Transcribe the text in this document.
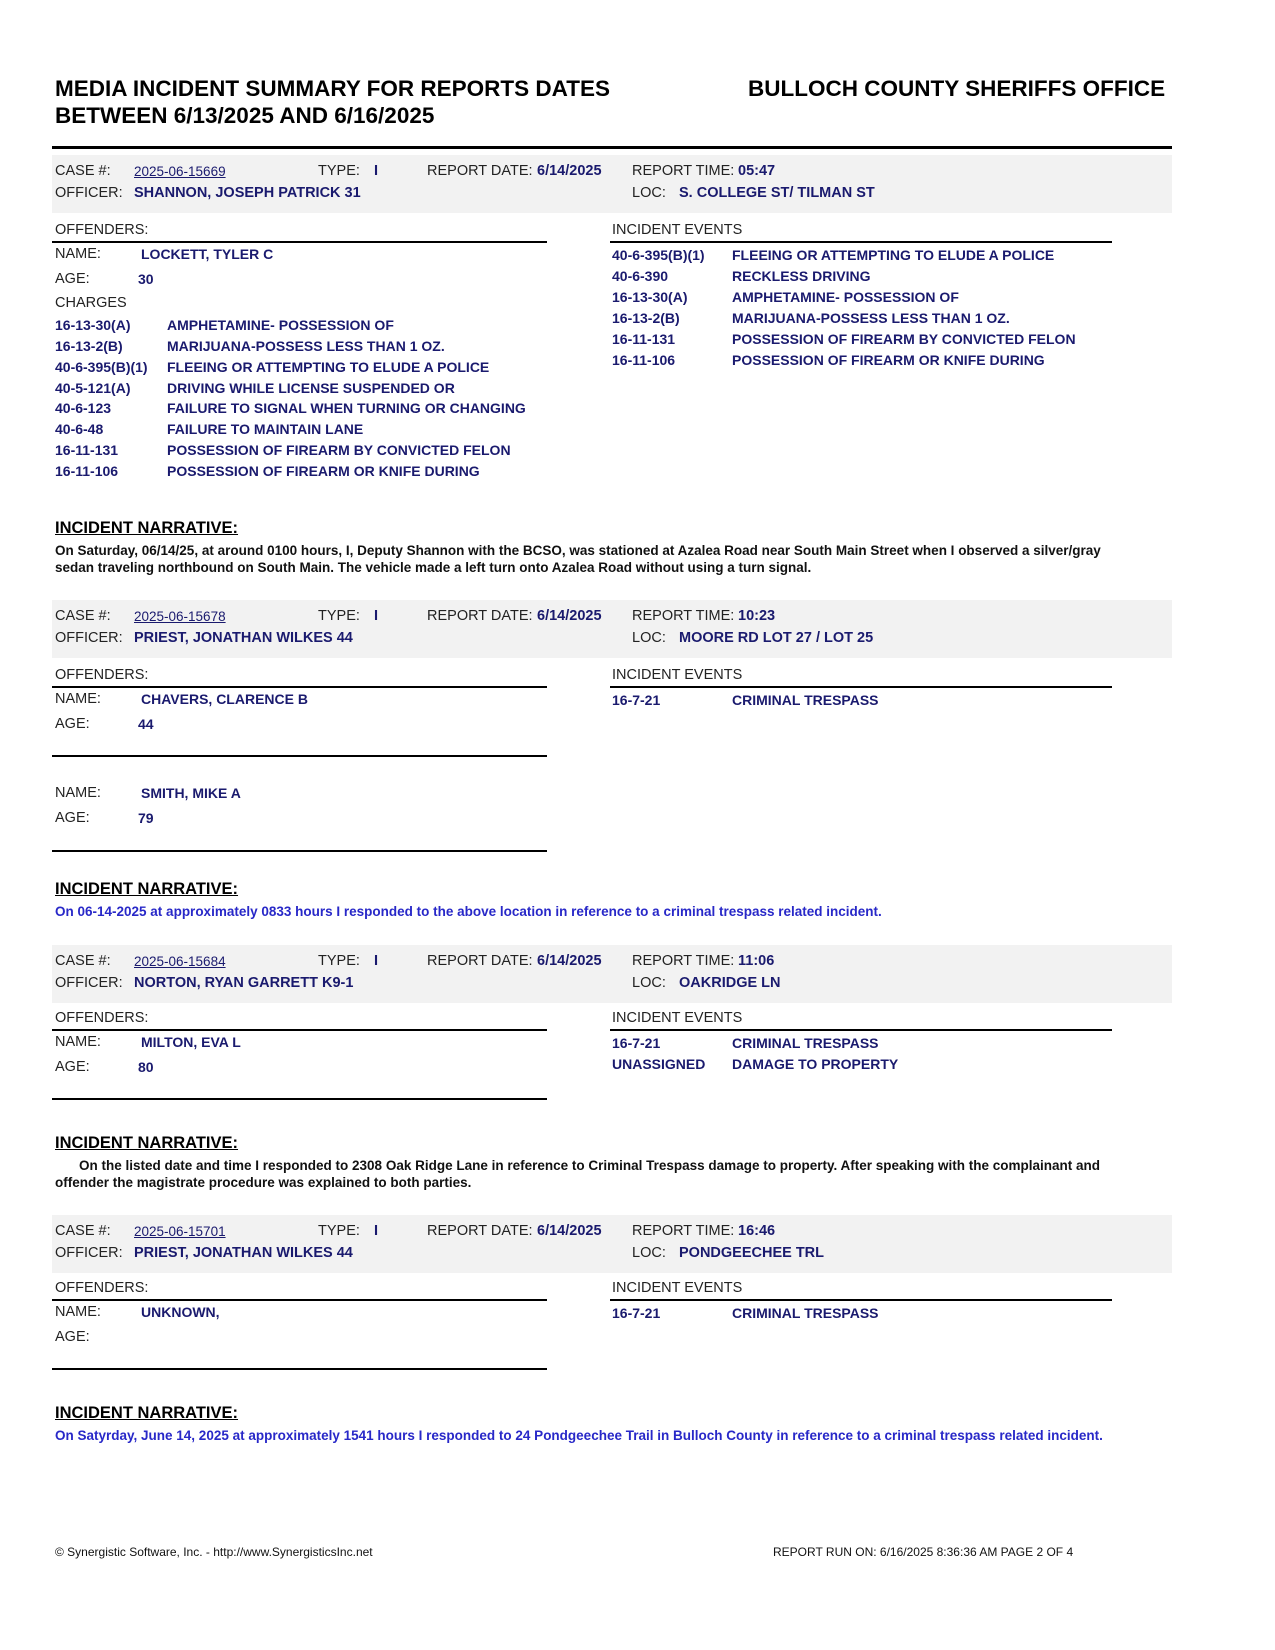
MEDIA INCIDENT SUMMARY FOR REPORTS DATES
BETWEEN 6/13/2025 AND 6/16/2025
BULLOCH COUNTY SHERIFFS OFFICE
CASE #: 2025-06-15669	TYPE: I	REPORT DATE: 6/14/2025 REPORT TIME: 05:47
OFFICER: SHANNON, JOSEPH PATRICK 31	LOC: S. COLLEGE ST/ TILMAN ST
OFFENDERS:	INCIDENT EVENTS
NAME:	LOCKETT, TYLER C
AGE:	30
CHARGES
16-13-30(A)	AMPHETAMINE- POSSESSION OF
16-13-2(B)	MARIJUANA-POSSESS LESS THAN 1 OZ.
40-6-395(B)(1) FLEEING OR ATTEMPTING TO ELUDE A POLICE
40-5-121(A)	DRIVING WHILE LICENSE SUSPENDED OR
40-6-123	FAILURE TO SIGNAL WHEN TURNING OR CHANGING
40-6-48	FAILURE TO MAINTAIN LANE
16-11-131	POSSESSION OF FIREARM BY CONVICTED FELON
16-11-106	POSSESSION OF FIREARM OR KNIFE DURING
40-6-395(B)(1) FLEEING OR ATTEMPTING TO ELUDE A POLICE
40-6-390	RECKLESS DRIVING
16-13-30(A)	AMPHETAMINE- POSSESSION OF
16-13-2(B)	MARIJUANA-POSSESS LESS THAN 1 OZ.
16-11-131	POSSESSION OF FIREARM BY CONVICTED FELON
16-11-106	POSSESSION OF FIREARM OR KNIFE DURING
INCIDENT NARRATIVE:
On Saturday, 06/14/25, at around 0100 hours, I, Deputy Shannon with the BCSO, was stationed at Azalea Road near South Main Street when I observed a silver/gray sedan traveling northbound on South Main. The vehicle made a left turn onto Azalea Road without using a turn signal.
CASE #: 2025-06-15678	TYPE: I	REPORT DATE: 6/14/2025 REPORT TIME: 10:23
OFFICER: PRIEST, JONATHAN WILKES 44	LOC: MOORE RD LOT 27 / LOT 25
OFFENDERS:	INCIDENT EVENTS
NAME:	CHAVERS, CLARENCE B
AGE:	44
NAME:	SMITH, MIKE A
AGE:	79
16-7-21	CRIMINAL TRESPASS
INCIDENT NARRATIVE:
On 06-14-2025 at approximately 0833 hours I responded to the above location in reference to a criminal trespass related incident.
CASE #: 2025-06-15684	TYPE: I	REPORT DATE: 6/14/2025 REPORT TIME: 11:06
OFFICER: NORTON, RYAN GARRETT K9-1	LOC: OAKRIDGE LN
OFFENDERS:	INCIDENT EVENTS
NAME:	MILTON, EVA L
AGE:	80
16-7-21	CRIMINAL TRESPASS
UNASSIGNED DAMAGE TO PROPERTY
INCIDENT NARRATIVE:
On the listed date and time I responded to 2308 Oak Ridge Lane in reference to Criminal Trespass damage to property. After speaking with the complainant and offender the magistrate procedure was explained to both parties.
CASE #: 2025-06-15701	TYPE: I	REPORT DATE: 6/14/2025 REPORT TIME: 16:46
OFFICER: PRIEST, JONATHAN WILKES 44	LOC: PONDGEECHEE TRL
OFFENDERS:	INCIDENT EVENTS
NAME:	UNKNOWN,
AGE:
16-7-21	CRIMINAL TRESPASS
INCIDENT NARRATIVE:
On Satyrday, June 14, 2025 at approximately 1541 hours I responded to 24 Pondgeechee Trail in Bulloch County in reference to a criminal trespass related incident.
© Synergistic Software, Inc. - http://www.SynergisticsInc.net	REPORT RUN ON: 6/16/2025 8:36:36 AM PAGE 2 OF 4
